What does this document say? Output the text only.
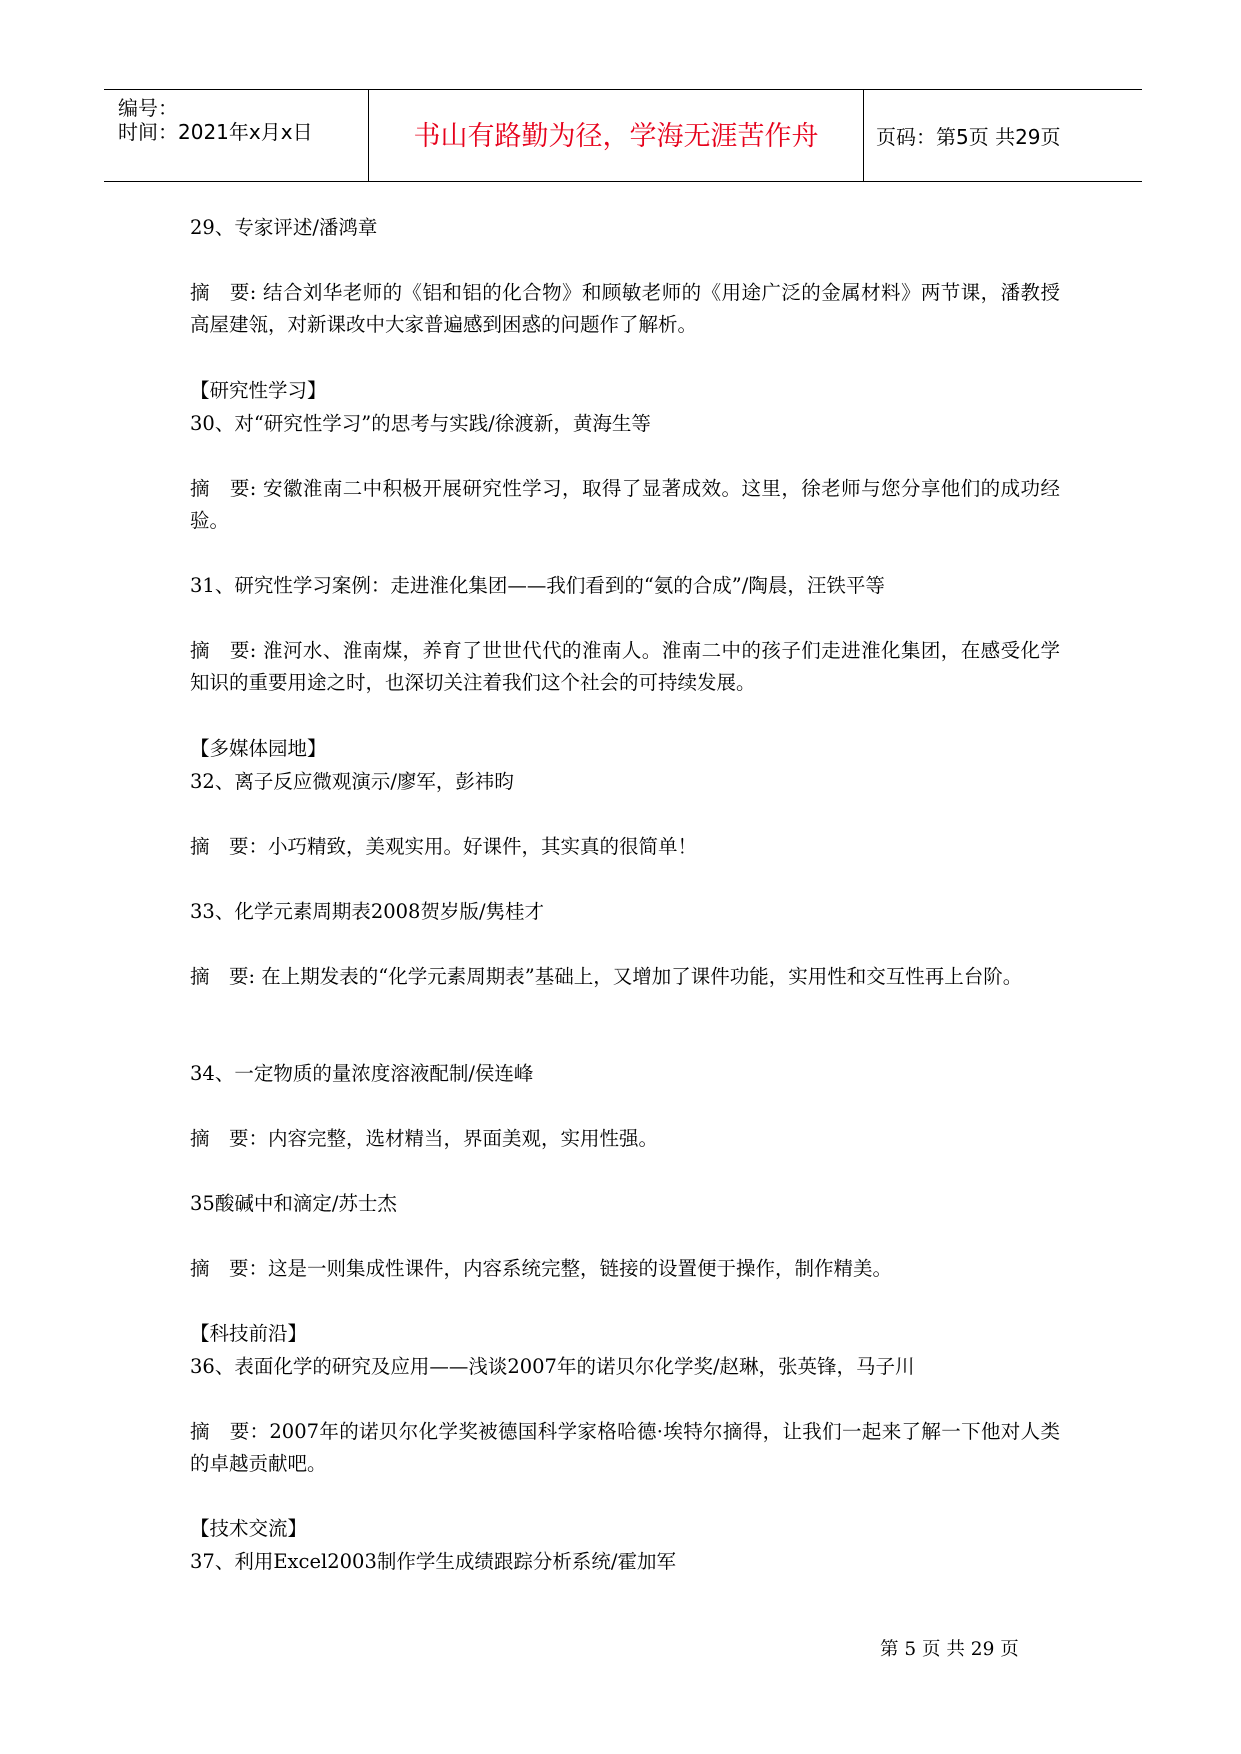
编号：
时间：2021年x月x日	书山有路勤为径，学海无涯苦作舟	页码：第5页 共29页
29、专家评述/潘鸿章
摘　要: 结合刘华老师的《铝和铝的化合物》和顾敏老师的《用途广泛的金属材料》两节课，潘教授高屋建瓴，对新课改中大家普遍感到困惑的问题作了解析。
【研究性学习】
30、对“研究性学习”的思考与实践/徐渡新，黄海生等
摘　要: 安徽淮南二中积极开展研究性学习，取得了显著成效。这里，徐老师与您分享他们的成功经验。
31、研究性学习案例：走进淮化集团——我们看到的“氨的合成”/陶晨，汪铁平等
摘　要: 淮河水、淮南煤，养育了世世代代的淮南人。淮南二中的孩子们走进淮化集团，在感受化学知识的重要用途之时，也深切关注着我们这个社会的可持续发展。
【多媒体园地】
32、离子反应微观演示/廖军，彭祎昀
摘　要：小巧精致，美观实用。好课件，其实真的很简单！
33、化学元素周期表2008贺岁版/隽桂才
摘　要: 在上期发表的“化学元素周期表”基础上，又增加了课件功能，实用性和交互性再上台阶。
34、一定物质的量浓度溶液配制/侯连峰
摘　要：内容完整，选材精当，界面美观，实用性强。
35酸碱中和滴定/苏士杰
摘　要：这是一则集成性课件，内容系统完整，链接的设置便于操作，制作精美。
【科技前沿】
36、表面化学的研究及应用——浅谈2007年的诺贝尔化学奖/赵琳，张英锋，马子川
摘　要：2007年的诺贝尔化学奖被德国科学家格哈德·埃特尔摘得，让我们一起来了解一下他对人类的卓越贡献吧。
【技术交流】
37、利用Excel2003制作学生成绩跟踪分析系统/霍加军
第 5 页 共 29 页
